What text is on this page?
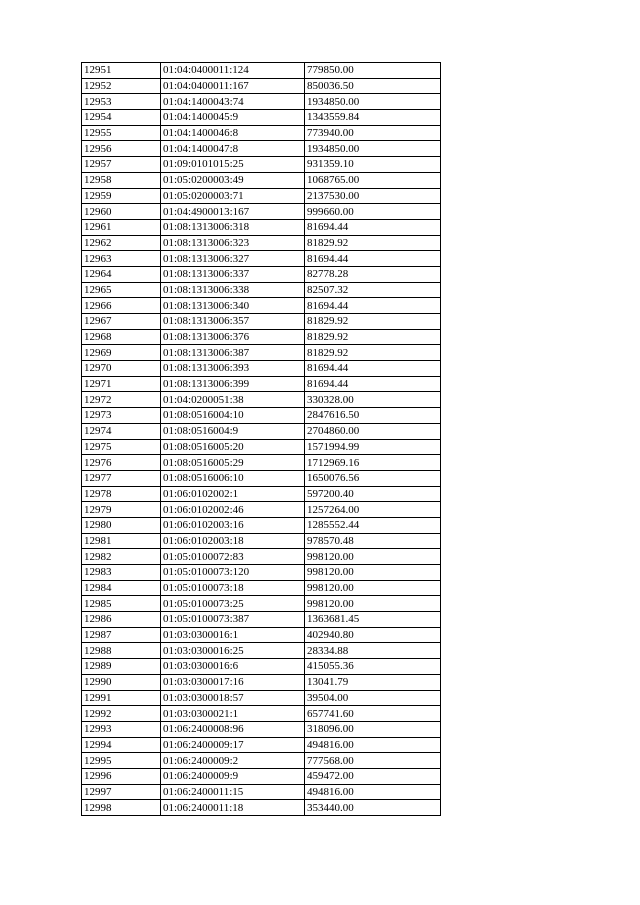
12951	01:04:0400011:124	779850.00
12952	01:04:0400011:167	850036.50
12953	01:04:1400043:74	1934850.00
12954	01:04:1400045:9	1343559.84
12955	01:04:1400046:8	773940.00
12956	01:04:1400047:8	1934850.00
12957	01:09:0101015:25	931359.10
12958	01:05:0200003:49	1068765.00
12959	01:05:0200003:71	2137530.00
12960	01:04:4900013:167	999660.00
12961	01:08:1313006:318	81694.44
12962	01:08:1313006:323	81829.92
12963	01:08:1313006:327	81694.44
12964	01:08:1313006:337	82778.28
12965	01:08:1313006:338	82507.32
12966	01:08:1313006:340	81694.44
12967	01:08:1313006:357	81829.92
12968	01:08:1313006:376	81829.92
12969	01:08:1313006:387	81829.92
12970	01:08:1313006:393	81694.44
12971	01:08:1313006:399	81694.44
12972	01:04:0200051:38	330328.00
12973	01:08:0516004:10	2847616.50
12974	01:08:0516004:9	2704860.00
12975	01:08:0516005:20	1571994.99
12976	01:08:0516005:29	1712969.16
12977	01:08:0516006:10	1650076.56
12978	01:06:0102002:1	597200.40
12979	01:06:0102002:46	1257264.00
12980	01:06:0102003:16	1285552.44
12981	01:06:0102003:18	978570.48
12982	01:05:0100072:83	998120.00
12983	01:05:0100073:120	998120.00
12984	01:05:0100073:18	998120.00
12985	01:05:0100073:25	998120.00
12986	01:05:0100073:387	1363681.45
12987	01:03:0300016:1	402940.80
12988	01:03:0300016:25	28334.88
12989	01:03:0300016:6	415055.36
12990	01:03:0300017:16	13041.79
12991	01:03:0300018:57	39504.00
12992	01:03:0300021:1	657741.60
12993	01:06:2400008:96	318096.00
12994	01:06:2400009:17	494816.00
12995	01:06:2400009:2	777568.00
12996	01:06:2400009:9	459472.00
12997	01:06:2400011:15	494816.00
12998	01:06:2400011:18	353440.00
